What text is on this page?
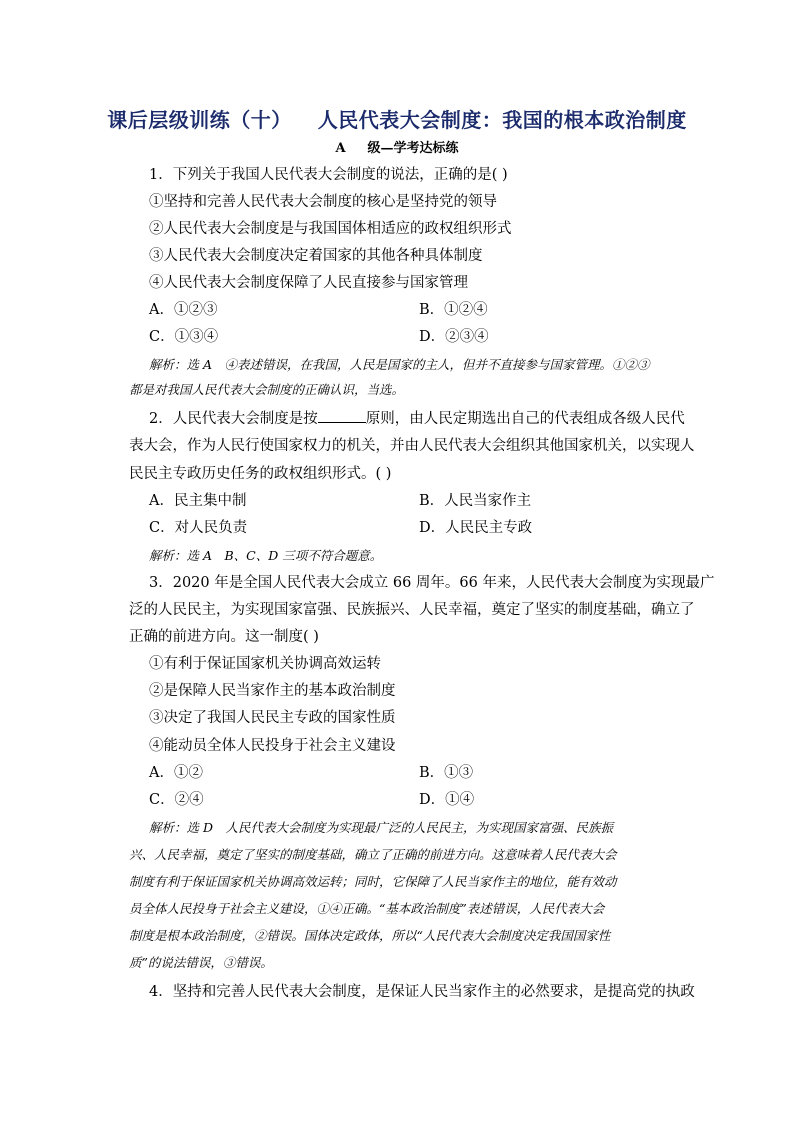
课后层级训练（十） 人民代表大会制度：我国的根本政治制度
A 级—学考达标练
1．下列关于我国人民代表大会制度的说法，正确的是( )
①坚持和完善人民代表大会制度的核心是坚持党的领导
②人民代表大会制度是与我国国体相适应的政权组织形式
③人民代表大会制度决定着国家的其他各种具体制度
④人民代表大会制度保障了人民直接参与国家管理
A．①②③	B．①②④
C．①③④	D．②③④
解析：选 A　④表述错误，在我国，人民是国家的主人，但并不直接参与国家管理。①②③
都是对我国人民代表大会制度的正确认识，当选。
2．人民代表大会制度是按	原则，由人民定期选出自己的代表组成各级人民代
表大会，作为人民行使国家权力的机关，并由人民代表大会组织其他国家机关，以实现人
民民主专政历史任务的政权组织形式。( )
A．民主集中制	B．人民当家作主
C．对人民负责	D．人民民主专政
解析：选 A　B、C、D 三项不符合题意。
3．2020 年是全国人民代表大会成立 66 周年。66 年来，人民代表大会制度为实现最广
泛的人民民主，为实现国家富强、民族振兴、人民幸福，奠定了坚实的制度基础，确立了
正确的前进方向。这一制度( )
①有利于保证国家机关协调高效运转
②是保障人民当家作主的基本政治制度
③决定了我国人民民主专政的国家性质
④能动员全体人民投身于社会主义建设
A．①②	B．①③
C．②④	D．①④
解析：选 D　人民代表大会制度为实现最广泛的人民民主，为实现国家富强、民族振
兴、人民幸福，奠定了坚实的制度基础，确立了正确的前进方向。这意味着人民代表大会
制度有利于保证国家机关协调高效运转；同时，它保障了人民当家作主的地位，能有效动
员全体人民投身于社会主义建设，①④正确。“基本政治制度”表述错误，人民代表大会
制度是根本政治制度，②错误。国体决定政体，所以“人民代表大会制度决定我国国家性
质”的说法错误，③错误。
4．坚持和完善人民代表大会制度，是保证人民当家作主的必然要求，是提高党的执政
